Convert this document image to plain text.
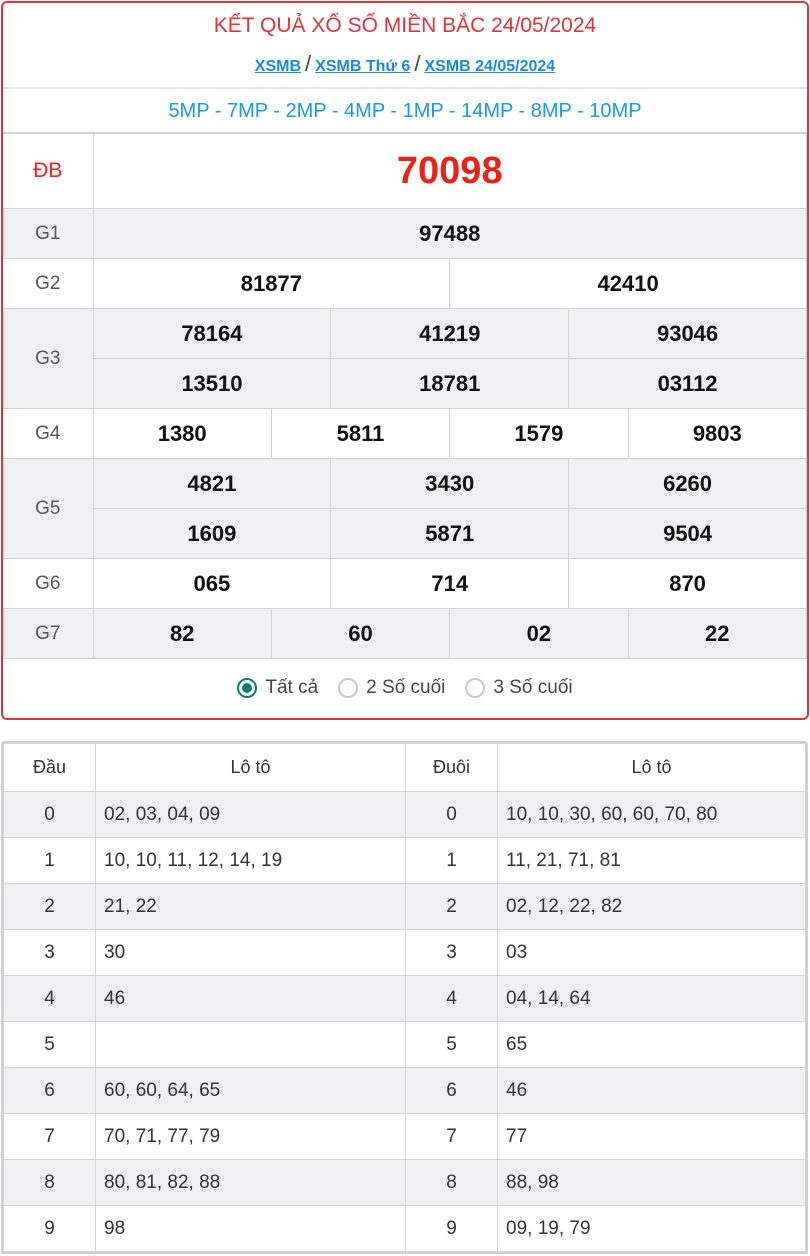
KẾT QUẢ XỔ SỐ MIỀN BẮC 24/05/2024
XSMB / XSMB Thứ 6 / XSMB 24/05/2024
5MP - 7MP - 2MP - 4MP - 1MP - 14MP - 8MP - 10MP
ĐB	70098					
G1	97488					
G2	81877			42410		
G3	78164		41219		93046	
	13510		18781		03112	
G4	1380	5811		1579		9803
G5	4821		3430		6260	
	1609		5871		9504	
G6	065		714		870	
G7	82	60		02		22
Tất cả	2 Số cuối	3 Số cuối
Đầu	Lô tô	Đuôi	Lô tô
0	02, 03, 04, 09	0	10, 10, 30, 60, 60, 70, 80
1	10, 10, 11, 12, 14, 19	1	11, 21, 71, 81
2	21, 22	2	02, 12, 22, 82
3	30	3	03
4	46	4	04, 14, 64
5		5	65
6	60, 60, 64, 65	6	46
7	70, 71, 77, 79	7	77
8	80, 81, 82, 88	8	88, 98
9	98	9	09, 19, 79
